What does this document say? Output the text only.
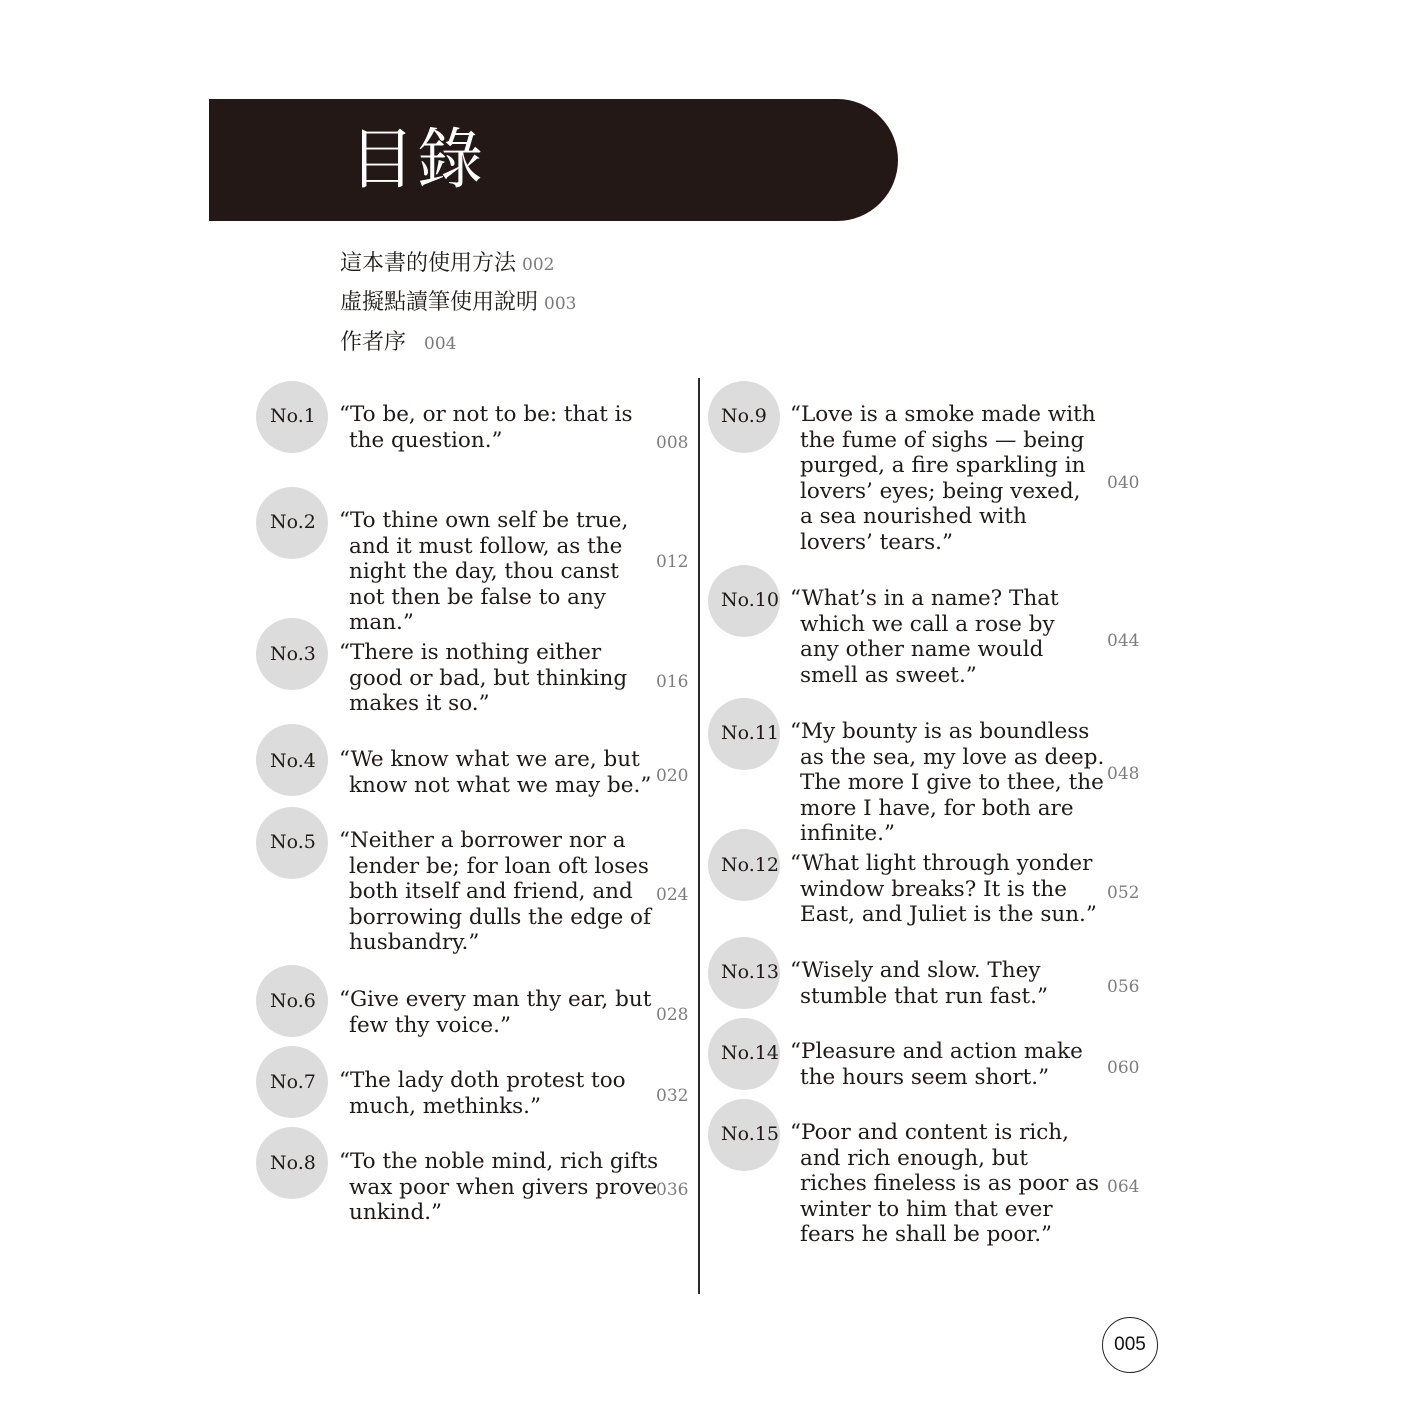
目錄
這本書的使用方法 002
虛擬點讀筆使用說明 003
作者序 004
No.1 “To be, or not to be: that is the question.”	008
No.2 “To thine own self be true, and it must follow, as the night the day, thou canst not then be false to any man.”
012
No.3 “There is nothing either good or bad, but thinking makes it so.”
016
No.4 “We know what we are, but know not what we may be.” 020
No.5 “Neither a borrower nor a lender be; for loan oft loses both itself and friend, and borrowing dulls the edge of husbandry.”
024
No.6 “Give every man thy ear, but few thy voice.”	028
No.7 “The lady doth protest too much, methinks.”	032
No.8 “To the noble mind, rich gifts wax poor when givers prove unkind.”
036
No.9 “Love is a smoke made with the fume of sighs — being purged, a fire sparkling in lovers’ eyes; being vexed, a sea nourished with lovers’ tears.”
040
No.10 “What’s in a name? That which we call a rose by any other name would smell as sweet.”
044
No.11 “My bounty is as boundless as the sea, my love as deep. The more I give to thee, the more I have, for both are infinite.”
048
No.12 “What light through yonder window breaks? It is the East, and Juliet is the sun.”
052
No.13 “Wisely and slow. They stumble that run fast.”	056
No.14 “Pleasure and action make the hours seem short.”	060
No.15 “Poor and content is rich, and rich enough, but riches fineless is as poor as winter to him that ever fears he shall be poor.”
064
005
